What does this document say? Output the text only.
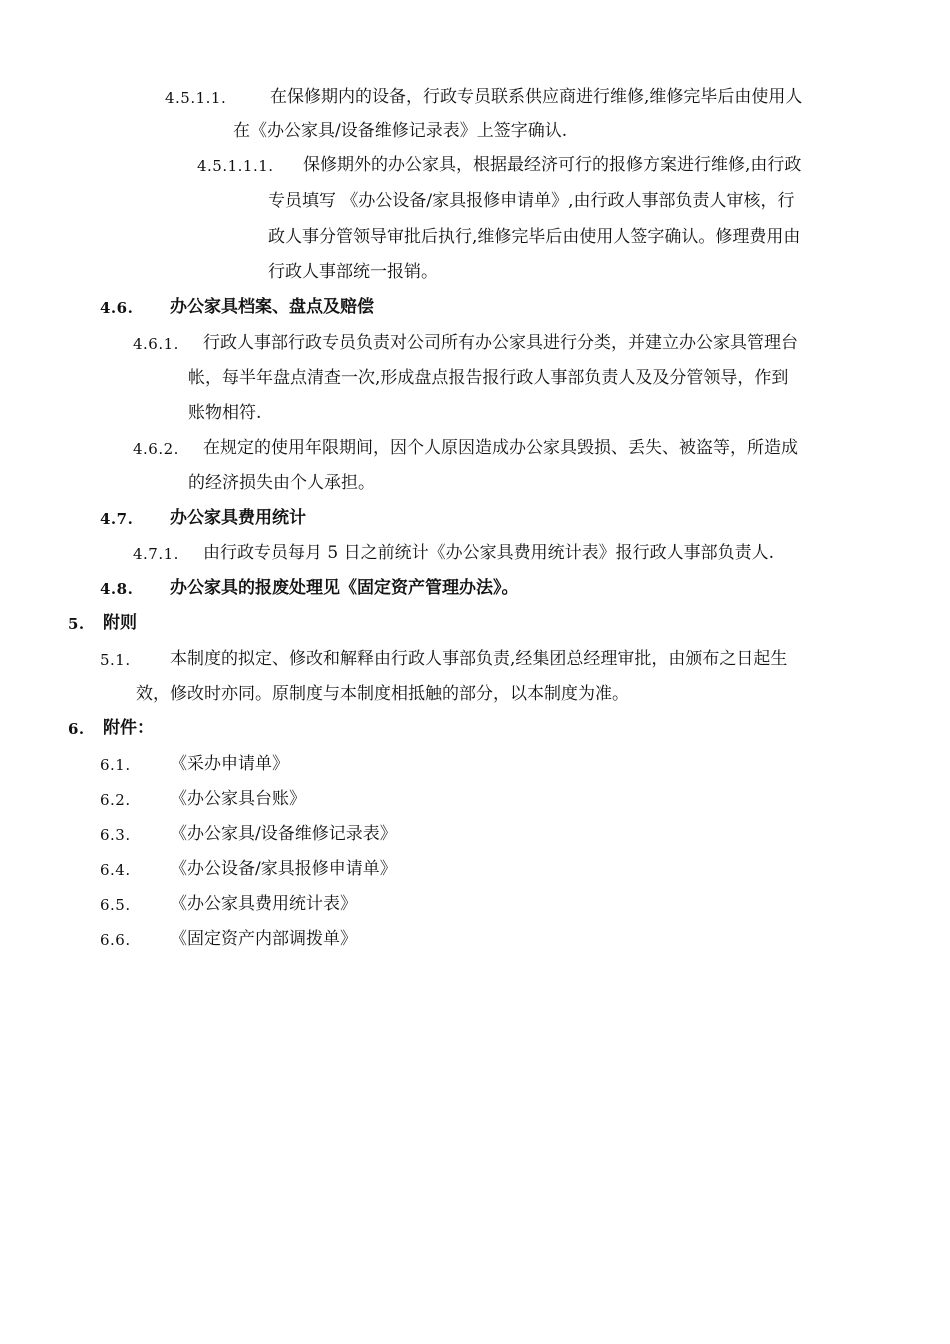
4.5.1.1.	在保修期内的设备，行政专员联系供应商进行维修,维修完毕后由使用人
在《办公家具/设备维修记录表》上签字确认.
4.5.1.1.1. 保修期外的办公家具，根据最经济可行的报修方案进行维修,由行政
专员填写 《办公设备/家具报修申请单》,由行政人事部负责人审核，行
政人事分管领导审批后执行,维修完毕后由使用人签字确认。修理费用由
行政人事部统一报销。
4.6. 办公家具档案、盘点及赔偿
4.6.1. 行政人事部行政专员负责对公司所有办公家具进行分类，并建立办公家具管理台
帐，每半年盘点清查一次,形成盘点报告报行政人事部负责人及及分管领导，作到
账物相符.
4.6.2. 在规定的使用年限期间，因个人原因造成办公家具毁损、丢失、被盗等，所造成
的经济损失由个人承担。
4.7. 办公家具费用统计
4.7.1. 由行政专员每月 5 日之前统计《办公家具费用统计表》报行政人事部负责人.
4.8. 办公家具的报废处理见《固定资产管理办法》。
5. 附则
5.1. 本制度的拟定、修改和解释由行政人事部负责,经集团总经理审批，由颁布之日起生
效，修改时亦同。原制度与本制度相抵触的部分，以本制度为准。
6. 附件：
6.1. 《采办申请单》
6.2. 《办公家具台账》
6.3. 《办公家具/设备维修记录表》
6.4. 《办公设备/家具报修申请单》
6.5. 《办公家具费用统计表》
6.6. 《固定资产内部调拨单》
